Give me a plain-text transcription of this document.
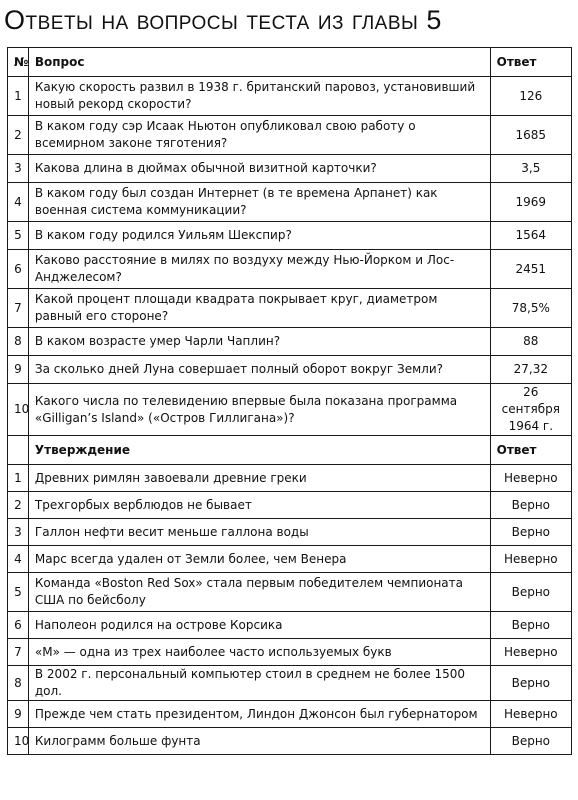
Ответы на вопросы теста из главы 5
№	Вопрос	Ответ
1	Какую скорость развил в 1938 г. британский паровоз, установивший новый рекорд скорости?	126
2	В каком году сэр Исаак Ньютон опубликовал свою работу о всемирном законе тяготения?	1685
3	Какова длина в дюймах обычной визитной карточки?	3,5
4	В каком году был создан Интернет (в те времена Арпанет) как военная система коммуникации?	1969
5	В каком году родился Уильям Шекспир?	1564
6	Каково расстояние в милях по воздуху между Нью-Йорком и Лос-Анджелесом?	2451
7	Какой процент площади квадрата покрывает круг, диаметром равный его стороне?	78,5%
8	В каком возрасте умер Чарли Чаплин?	88
9	За сколько дней Луна совершает полный оборот вокруг Земли?	27,32
10	Какого числа по телевидению впервые была показана программа «Gilligan’s Island» («Остров Гиллигана»)?	26 сентября 1964 г.
	Утверждение	Ответ
1	Древних римлян завоевали древние греки	Неверно
2	Трехгорбых верблюдов не бывает	Верно
3	Галлон нефти весит меньше галлона воды	Верно
4	Марс всегда удален от Земли более, чем Венера	Неверно
5	Команда «Boston Red Sox» стала первым победителем чемпионата США по бейсболу	Верно
6	Наполеон родился на острове Корсика	Верно
7	«М» — одна из трех наиболее часто используемых букв	Неверно
8	В 2002 г. персональный компьютер стоил в среднем не более 1500 дол.	Верно
9	Прежде чем стать президентом, Линдон Джонсон был губернатором	Неверно
10	Килограмм больше фунта	Верно
